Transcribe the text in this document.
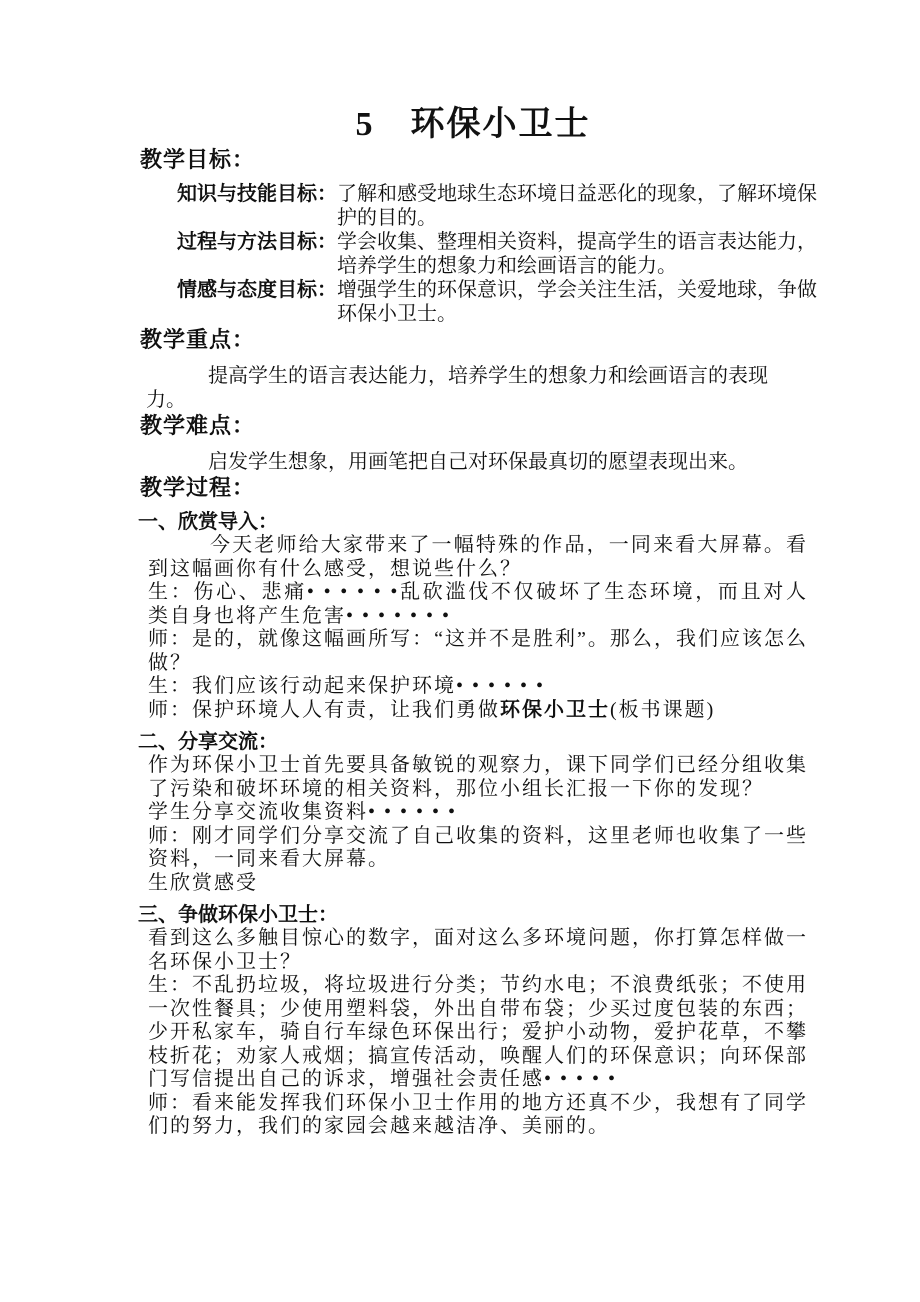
5　环保小卫士
教学目标：
知识与技能目标： 了解和感受地球生态环境日益恶化的现象，了解环境保护的目的。
过程与方法目标： 学会收集、整理相关资料，提高学生的语言表达能力，培养学生的想象力和绘画语言的能力。
情感与态度目标： 增强学生的环保意识，学会关注生活，关爱地球，争做环保小卫士。
教学重点：

提高学生的语言表达能力，培养学生的想象力和绘画语言的表现力。

教学难点：

启发学生想象，用画笔把自己对环保最真切的愿望表现出来。

教学过程：
一、 欣赏导入：

今天老师给大家带来了一幅特殊的作品，一同来看大屏幕。看到这幅画你有什么感受，想说些什么？

生：伤心、悲痛• • • • • •乱砍滥伐不仅破坏了生态环境，而且对人类自身也将产生危害• • • • • • •

师：是的，就像这幅画所写：“这并不是胜利”。那么，我们应该怎么做？

生：我们应该行动起来保护环境• • • • • •

师：保护环境人人有责，让我们勇做环保小卫士(板书课题)

二、 分享交流：

作为环保小卫士首先要具备敏锐的观察力，课下同学们已经分组收集了污染和破坏环境的相关资料，那位小组长汇报一下你的发现？

学生分享交流收集资料• • • • • •

师：刚才同学们分享交流了自己收集的资料，这里老师也收集了一些资料，一同来看大屏幕。

生欣赏感受

三、 争做环保小卫士：

看到这么多触目惊心的数字，面对这么多环境问题，你打算怎样做一名环保小卫士？

生：不乱扔垃圾，将垃圾进行分类；节约水电；不浪费纸张；不使用一次性餐具；少使用塑料袋，外出自带布袋；少买过度包装的东西；少开私家车，骑自行车绿色环保出行；爱护小动物，爱护花草，不攀枝折花；劝家人戒烟；搞宣传活动，唤醒人们的环保意识；向环保部门写信提出自己的诉求，增强社会责任感• • • • •

师：看来能发挥我们环保小卫士作用的地方还真不少，我想有了同学们的努力，我们的家园会越来越洁净、美丽的。
